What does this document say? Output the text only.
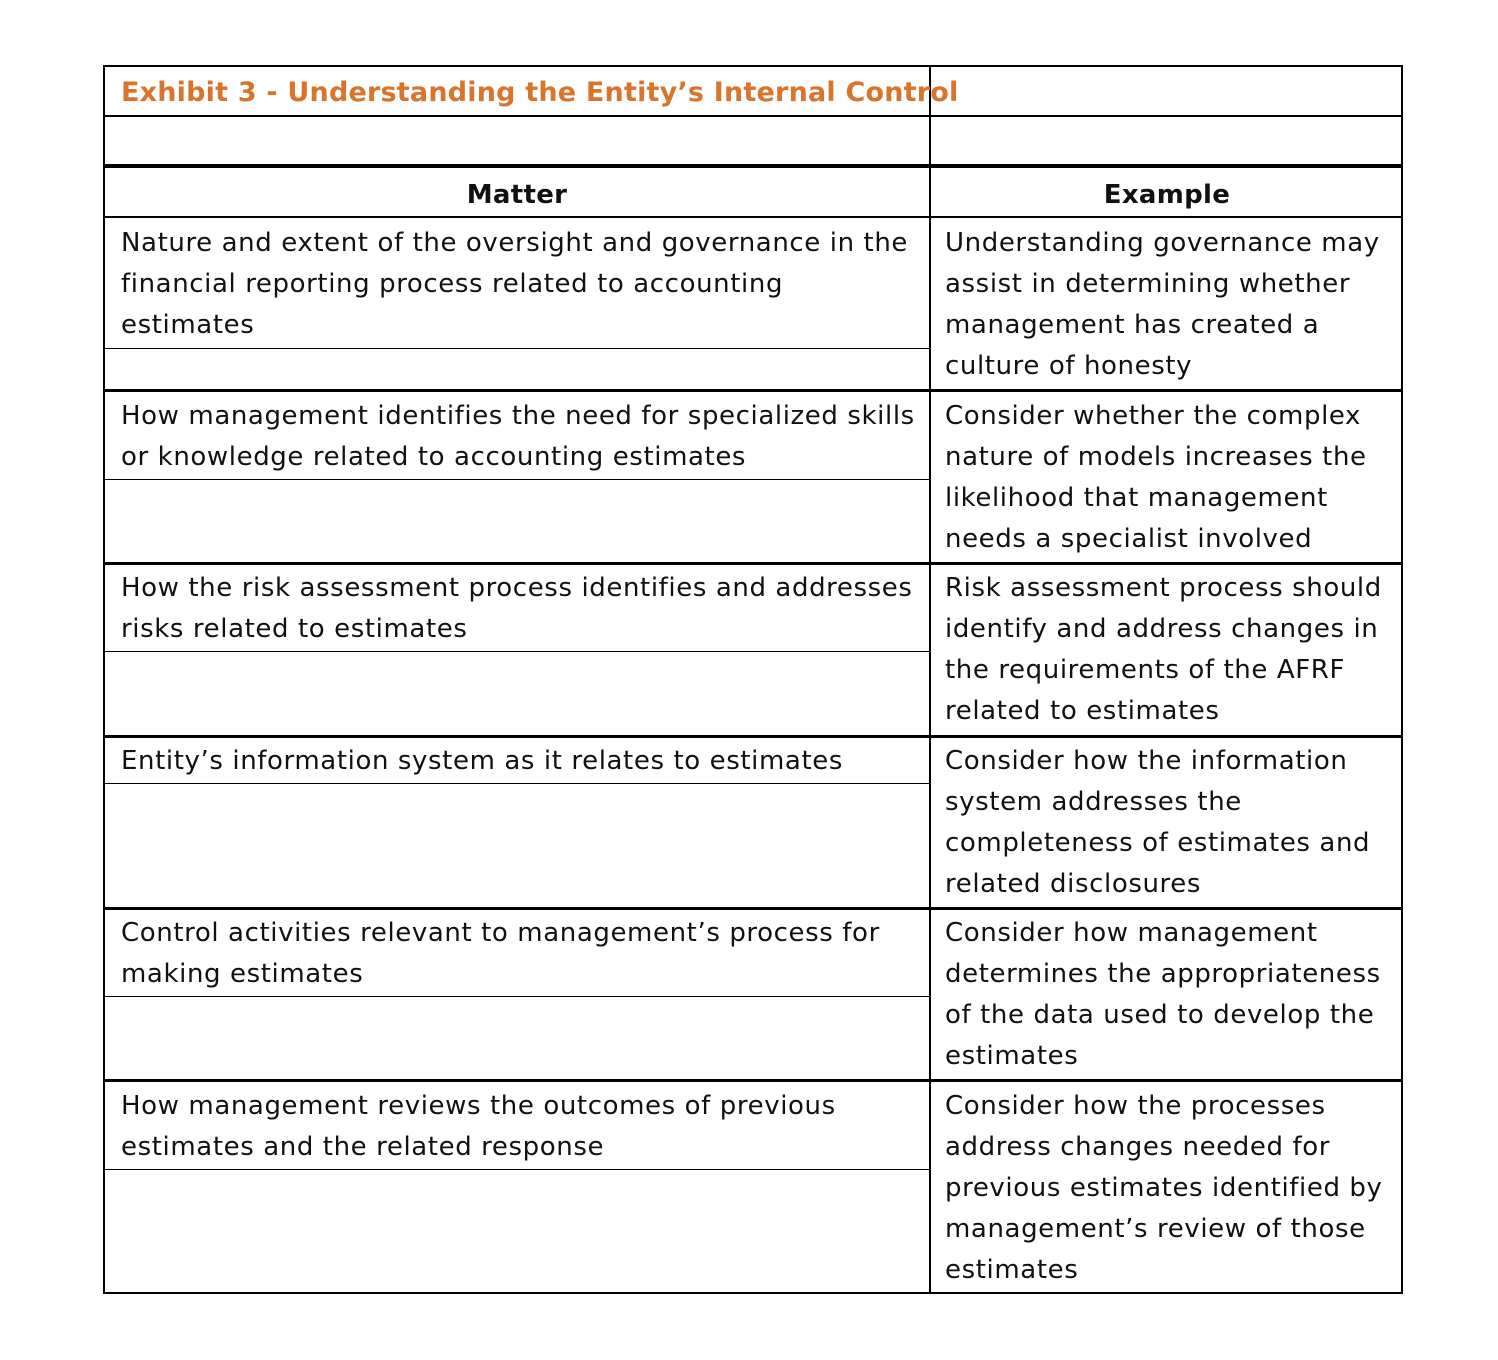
Exhibit 3 - Understanding the Entity’s Internal Control
Matter	Example
Nature and extent of the oversight and governance in the
financial reporting process related to accounting
estimates
Understanding governance may
assist in determining whether
management has created a
culture of honesty
How management identifies the need for specialized skills
or knowledge related to accounting estimates
Consider whether the complex
nature of models increases the
likelihood that management
needs a specialist involved
How the risk assessment process identifies and addresses
risks related to estimates
Risk assessment process should
identify and address changes in
the requirements of the AFRF
related to estimates
Entity’s information system as it relates to estimates	Consider how the information
system addresses the
completeness of estimates and
related disclosures
Control activities relevant to management’s process for
making estimates
Consider how management
determines the appropriateness
of the data used to develop the
estimates
How management reviews the outcomes of previous
estimates and the related response
Consider how the processes
address changes needed for
previous estimates identified by
management’s review of those
estimates
